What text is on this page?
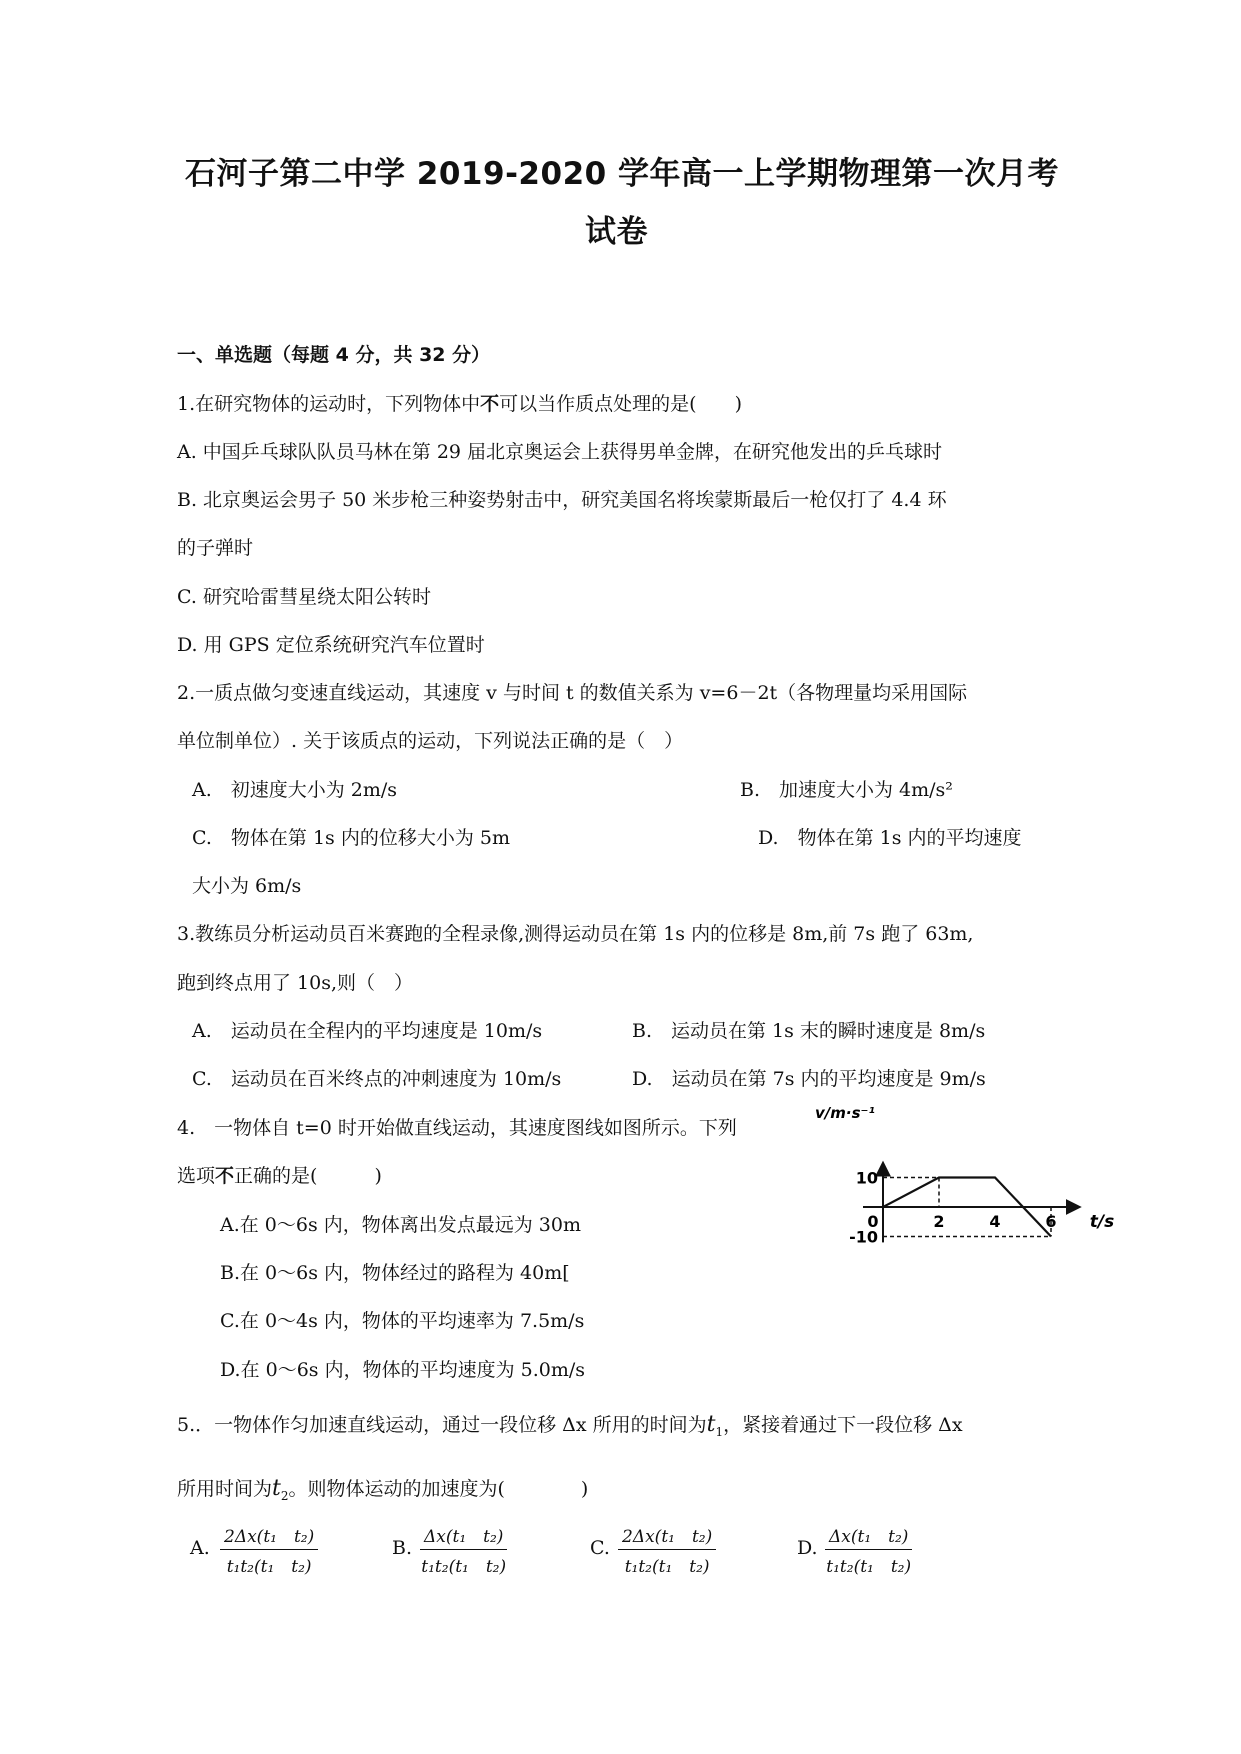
石河子第二中学 2019-2020 学年高一上学期物理第一次月考
试卷
一、单选题（每题 4 分，共 32 分）
1.在研究物体的运动时，下列物体中不可以当作质点处理的是(　　)
A. 中国乒乓球队队员马林在第 29 届北京奥运会上获得男单金牌，在研究他发出的乒乓球时
B. 北京奥运会男子 50 米步枪三种姿势射击中，研究美国名将埃蒙斯最后一枪仅打了 4.4 环
的子弹时
C. 研究哈雷彗星绕太阳公转时
D. 用 GPS 定位系统研究汽车位置时
2.一质点做匀变速直线运动，其速度 v 与时间 t 的数值关系为 v=6－2t（各物理量均采用国际
单位制单位）. 关于该质点的运动，下列说法正确的是（　）
A.　初速度大小为 2m/s	B.　加速度大小为 4m/s²
C.　物体在第 1s 内的位移大小为 5m	D.　物体在第 1s 内的平均速度
大小为 6m/s
3.教练员分析运动员百米赛跑的全程录像,测得运动员在第 1s 内的位移是 8m,前 7s 跑了 63m,
跑到终点用了 10s,则（　）
A.　运动员在全程内的平均速度是 10m/s	B.　运动员在第 1s 末的瞬时速度是 8m/s
C.　运动员在百米终点的冲刺速度为 10m/s	D.　运动员在第 7s 内的平均速度是 9m/s
4.　一物体自 t=0 时开始做直线运动，其速度图线如图所示。下列
选项不正确的是(　　　)
A.在 0～6s 内，物体离出发点最远为 30m
B.在 0～6s 内，物体经过的路程为 40m[
C.在 0～4s 内，物体的平均速率为 7.5m/s
D.在 0～6s 内，物体的平均速度为 5.0m/s
0	2	4	6
10
-10
t/s
v/m·s⁻¹
5.．一物体作匀加速直线运动，通过一段位移 Δx 所用的时间为$t_1$，紧接着通过下一段位移 Δx
所用时间为$t_2$。则物体运动的加速度为(　　　　)
A. $\frac{\text{2Δx(t₁　t₂)}}{\text{t₁t₂(t₁　t₂)}}$	B. $\frac{\text{Δx(t₁　t₂)}}{\text{t₁t₂(t₁　t₂)}}$	C. $\frac{\text{2Δx(t₁　t₂)}}{\text{t₁t₂(t₁　t₂)}}$	D. $\frac{\text{Δx(t₁　t₂)}}{\text{t₁t₂(t₁　t₂)}}$
